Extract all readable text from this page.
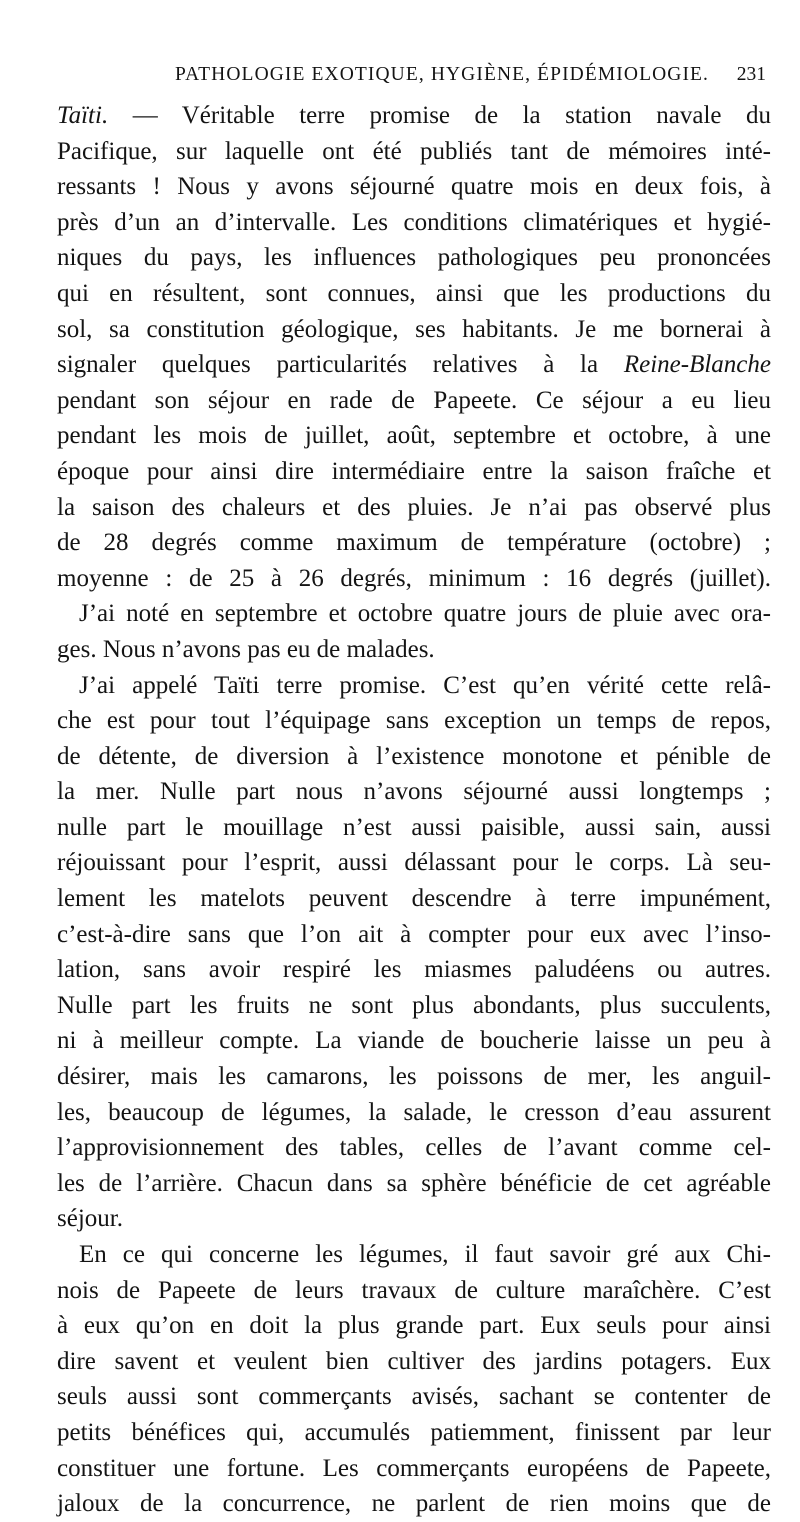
PATHOLOGIE EXOTIQUE, HYGIÈNE, ÉPIDÉMIOLOGIE. 231
Taïti. — Véritable terre promise de la station navale du
Pacifique, sur laquelle ont été publiés tant de mémoires inté-
ressants ! Nous y avons séjourné quatre mois en deux fois, à
près d’un an d’intervalle. Les conditions climatériques et hygié-
niques du pays, les influences pathologiques peu prononcées
qui en résultent, sont connues, ainsi que les productions du
sol, sa constitution géologique, ses habitants. Je me bornerai à
signaler quelques particularités relatives à la Reine-Blanche
pendant son séjour en rade de Papeete. Ce séjour a eu lieu
pendant les mois de juillet, août, septembre et octobre, à une
époque pour ainsi dire intermédiaire entre la saison fraîche et
la saison des chaleurs et des pluies. Je n’ai pas observé plus
de 28 degrés comme maximum de température (octobre) ;
moyenne : de 25 à 26 degrés, minimum : 16 degrés (juillet).
J’ai noté en septembre et octobre quatre jours de pluie avec ora-
ges. Nous n’avons pas eu de malades.
J’ai appelé Taïti terre promise. C’est qu’en vérité cette relâ-
che est pour tout l’équipage sans exception un temps de repos,
de détente, de diversion à l’existence monotone et pénible de
la mer. Nulle part nous n’avons séjourné aussi longtemps ;
nulle part le mouillage n’est aussi paisible, aussi sain, aussi
réjouissant pour l’esprit, aussi délassant pour le corps. Là seu-
lement les matelots peuvent descendre à terre impunément,
c’est-à-dire sans que l’on ait à compter pour eux avec l’inso-
lation, sans avoir respiré les miasmes paludéens ou autres.
Nulle part les fruits ne sont plus abondants, plus succulents,
ni à meilleur compte. La viande de boucherie laisse un peu à
désirer, mais les camarons, les poissons de mer, les anguil-
les, beaucoup de légumes, la salade, le cresson d’eau assurent
l’approvisionnement des tables, celles de l’avant comme cel-
les de l’arrière. Chacun dans sa sphère bénéficie de cet agréable
séjour.
En ce qui concerne les légumes, il faut savoir gré aux Chi-
nois de Papeete de leurs travaux de culture maraîchère. C’est
à eux qu’on en doit la plus grande part. Eux seuls pour ainsi
dire savent et veulent bien cultiver des jardins potagers. Eux
seuls aussi sont commerçants avisés, sachant se contenter de
petits bénéfices qui, accumulés patiemment, finissent par leur
constituer une fortune. Les commerçants européens de Papeete,
jaloux de la concurrence, ne parlent de rien moins que de
